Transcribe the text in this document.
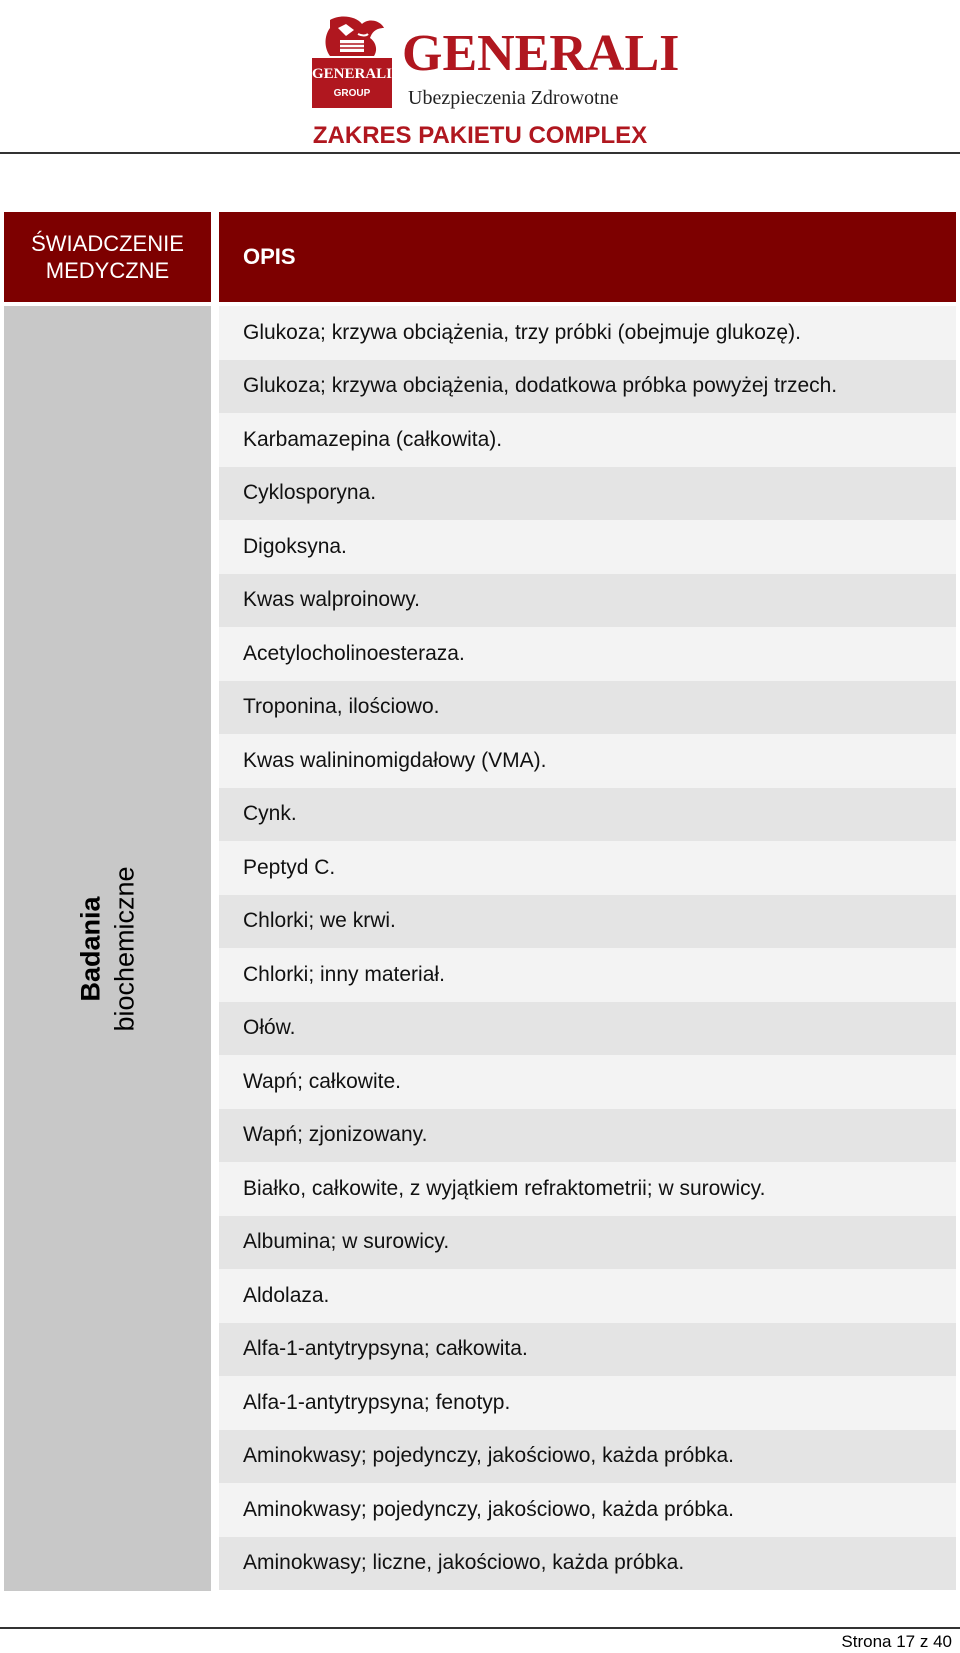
GENERALI
GROUP
GENERALI
Ubezpieczenia Zdrowotne
ZAKRES PAKIETU COMPLEX
ŚWIADCZENIE MEDYCZNE
OPIS
Badania biochemiczne
Glukoza; krzywa obciążenia, trzy próbki (obejmuje glukozę).
Glukoza; krzywa obciążenia, dodatkowa próbka powyżej trzech.
Karbamazepina (całkowita).
Cyklosporyna.
Digoksyna.
Kwas walproinowy.
Acetylocholinoesteraza.
Troponina, ilościowo.
Kwas walininomigdałowy (VMA).
Cynk.
Peptyd C.
Chlorki; we krwi.
Chlorki; inny materiał.
Ołów.
Wapń; całkowite.
Wapń; zjonizowany.
Białko, całkowite, z wyjątkiem refraktometrii; w surowicy.
Albumina; w surowicy.
Aldolaza.
Alfa-1-antytrypsyna; całkowita.
Alfa-1-antytrypsyna; fenotyp.
Aminokwasy; pojedynczy, jakościowo, każda próbka.
Aminokwasy; pojedynczy, jakościowo, każda próbka.
Aminokwasy; liczne, jakościowo, każda próbka.
Strona 17 z 40
